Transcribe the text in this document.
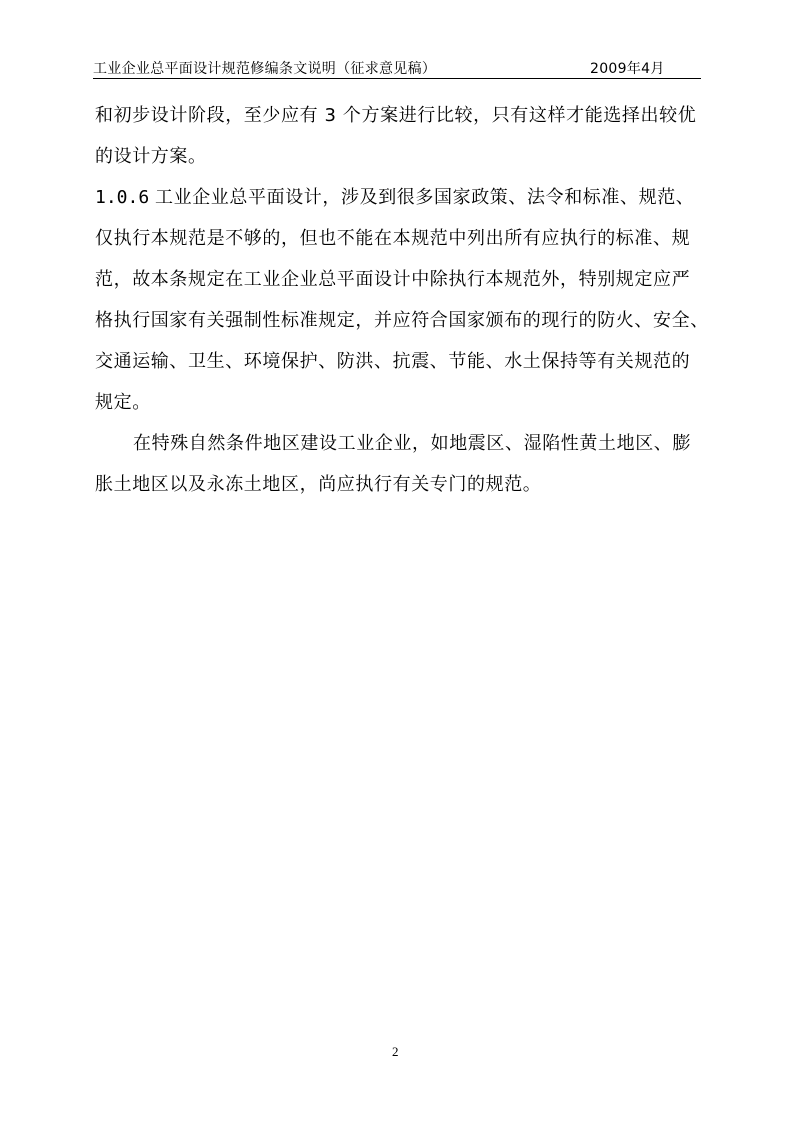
工业企业总平面设计规范修编条文说明（征求意见稿）	2009年4月
和初步设计阶段，至少应有 3 个方案进行比较，只有这样才能选择出较优
的设计方案。
1.0.6 工业企业总平面设计，涉及到很多国家政策、法令和标准、规范、
仅执行本规范是不够的，但也不能在本规范中列出所有应执行的标准、规
范，故本条规定在工业企业总平面设计中除执行本规范外，特别规定应严
格执行国家有关强制性标准规定，并应符合国家颁布的现行的防火、安全、
交通运输、卫生、环境保护、防洪、抗震、节能、水土保持等有关规范的
规定。
在特殊自然条件地区建设工业企业，如地震区、湿陷性黄土地区、膨
胀土地区以及永冻土地区，尚应执行有关专门的规范。
2
